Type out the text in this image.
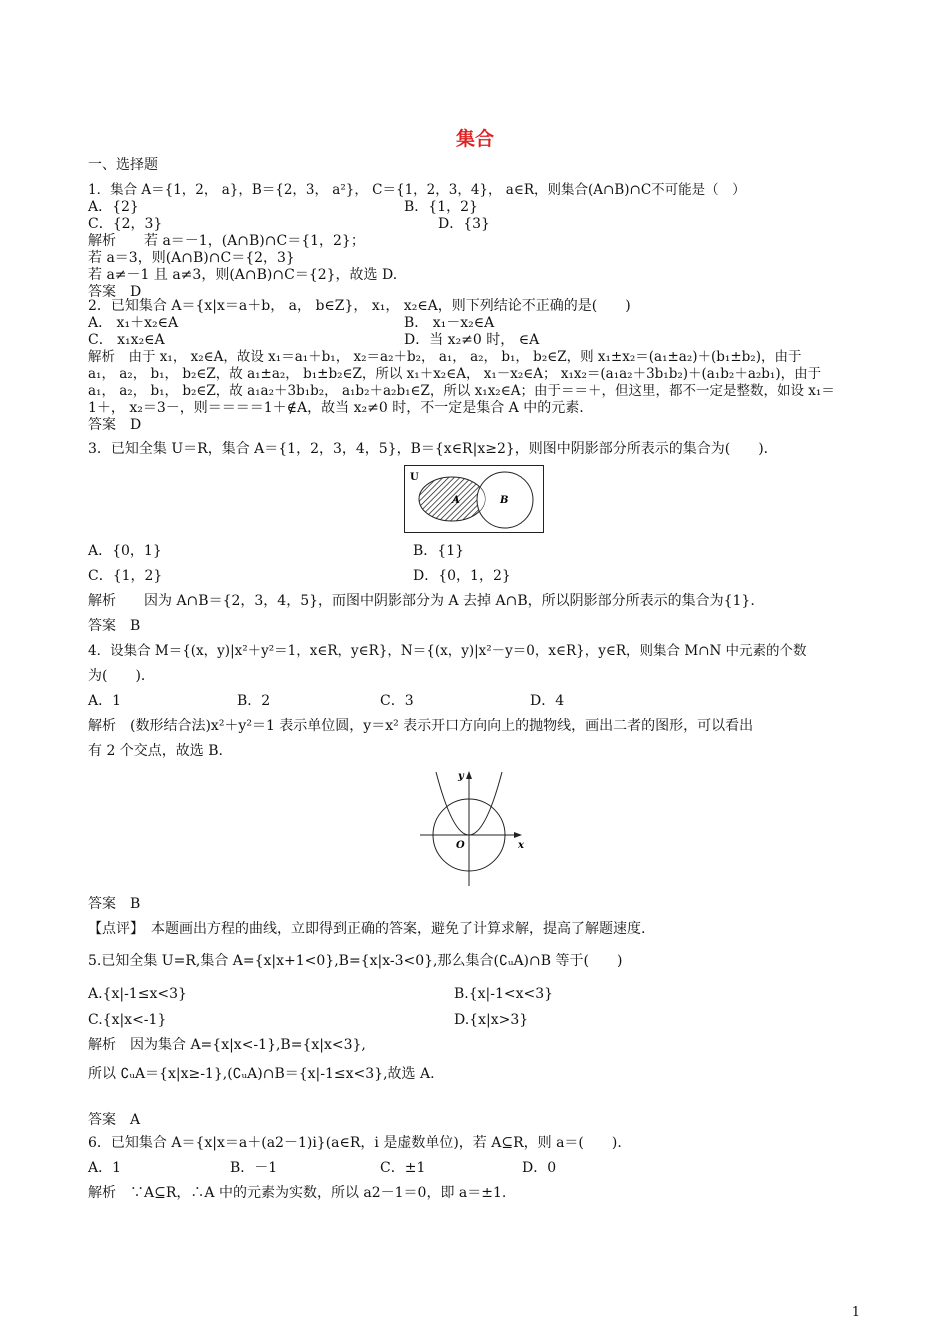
集合
一、选择题
1．集合 A＝{1，2， a}，B＝{2，3， a²}， C＝{1，2，3，4}， a∈R，则集合(A∩B)∩C不可能是（　）
A．{2}	B．{1，2}
C．{2，3}	D．{3}
解析　　若 a＝－1，(A∩B)∩C＝{1，2}；
若 a＝3，则(A∩B)∩C＝{2，3}
若 a≠－1 且 a≠3，则(A∩B)∩C＝{2}，故选 D.
答案　D
2．已知集合 A＝{x|x＝a＋b， a， b∈Z}， x₁， x₂∈A，则下列结论不正确的是(　　)
A． x₁＋x₂∈A	B． x₁－x₂∈A
C． x₁x₂∈A	D．当 x₂≠0 时， ∈A
解析　由于 x₁， x₂∈A，故设 x₁＝a₁＋b₁， x₂＝a₂＋b₂， a₁， a₂， b₁， b₂∈Z，则 x₁±x₂＝(a₁±a₂)＋(b₁±b₂)，由于
a₁， a₂， b₁， b₂∈Z，故 a₁±a₂， b₁±b₂∈Z，所以 x₁＋x₂∈A， x₁－x₂∈A； x₁x₂＝(a₁a₂＋3b₁b₂)＋(a₁b₂＋a₂b₁)，由于
a₁， a₂， b₁， b₂∈Z，故 a₁a₂＋3b₁b₂， a₁b₂＋a₂b₁∈Z，所以 x₁x₂∈A；由于＝＝＋，但这里，都不一定是整数，如设 x₁＝
1＋， x₂＝3－，则＝＝＝＝1＋∉A，故当 x₂≠0 时，不一定是集合 A 中的元素.
答案　D
3．已知全集 U＝R，集合 A＝{1，2，3，4，5}，B＝{x∈R|x≥2}，则图中阴影部分所表示的集合为(　　)．
A．{0，1}	B．{1}
C．{1，2}	D．{0，1，2}
解析　　因为 A∩B＝{2，3，4，5}，而图中阴影部分为 A 去掉 A∩B，所以阴影部分所表示的集合为{1}.
答案　B
4．设集合 M＝{(x，y)|x²＋y²＝1，x∈R，y∈R}，N＝{(x，y)|x²－y＝0，x∈R}，y∈R，则集合 M∩N 中元素的个数
为(　　)．
A．1	B．2	C．3	D．4
解析　(数形结合法)x²＋y²＝1 表示单位圆，y＝x² 表示开口方向向上的抛物线，画出二者的图形，可以看出
有 2 个交点，故选 B.
答案　B
【点评】　本题画出方程的曲线，立即得到正确的答案，避免了计算求解，提高了解题速度.
5.已知全集 U=R,集合 A={x|x+1<0},B={x|x-3<0},那么集合(∁ᵤA)∩B 等于(　　)
A.{x|-1≤x<3}	B.{x|-1<x<3}
C.{x|x<-1}	D.{x|x>3}
解析　因为集合 A={x|x<-1},B={x|x<3},
所以 ∁ᵤA＝{x|x≥-1},(∁ᵤA)∩B＝{x|-1≤x<3},故选 A.
答案　A
6．已知集合 A＝{x|x＝a＋(a2－1)i}(a∈R，i 是虚数单位)，若 A⊆R，则 a＝(　　)．
A．1	B．－1	C．±1	D．0
解析　∵A⊆R，∴A 中的元素为实数，所以 a2－1＝0，即 a＝±1.
U
A	B
y
x
O
1
